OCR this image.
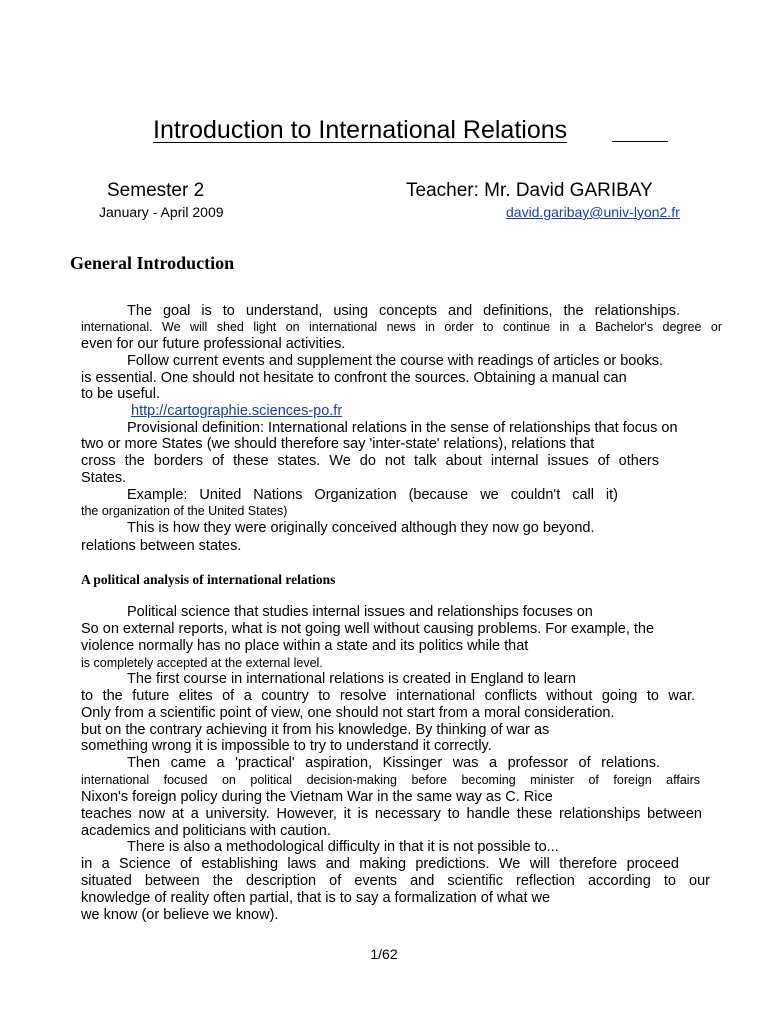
Introduction to International Relations
Semester 2
January - April 2009
Teacher: Mr. David GARIBAY
david.garibay@univ-lyon2.fr
General Introduction
The goal is to understand, using concepts and definitions, the relationships.
international. We will shed light on international news in order to continue in a Bachelor's degree or
even for our future professional activities.
Follow current events and supplement the course with readings of articles or books.
is essential. One should not hesitate to confront the sources. Obtaining a manual can
to be useful.
http://cartographie.sciences-po.fr
Provisional definition: International relations in the sense of relationships that focus on
two or more States (we should therefore say 'inter-state' relations), relations that
cross the borders of these states. We do not talk about internal issues of others
States.
Example: United Nations Organization (because we couldn't call it)
the organization of the United States)
This is how they were originally conceived although they now go beyond.
relations between states.
A political analysis of international relations
Political science that studies internal issues and relationships focuses on
So on external reports, what is not going well without causing problems. For example, the
violence normally has no place within a state and its politics while that
is completely accepted at the external level.
The first course in international relations is created in England to learn
to the future elites of a country to resolve international conflicts without going to war.
Only from a scientific point of view, one should not start from a moral consideration.
but on the contrary achieving it from his knowledge. By thinking of war as
something wrong it is impossible to try to understand it correctly.
Then came a 'practical' aspiration, Kissinger was a professor of relations.
international focused on political decision-making before becoming minister of foreign affairs
Nixon's foreign policy during the Vietnam War in the same way as C. Rice
teaches now at a university. However, it is necessary to handle these relationships between
academics and politicians with caution.
There is also a methodological difficulty in that it is not possible to...
in a Science of establishing laws and making predictions. We will therefore proceed
situated between the description of events and scientific reflection according to our
knowledge of reality often partial, that is to say a formalization of what we
we know (or believe we know).
1/62
